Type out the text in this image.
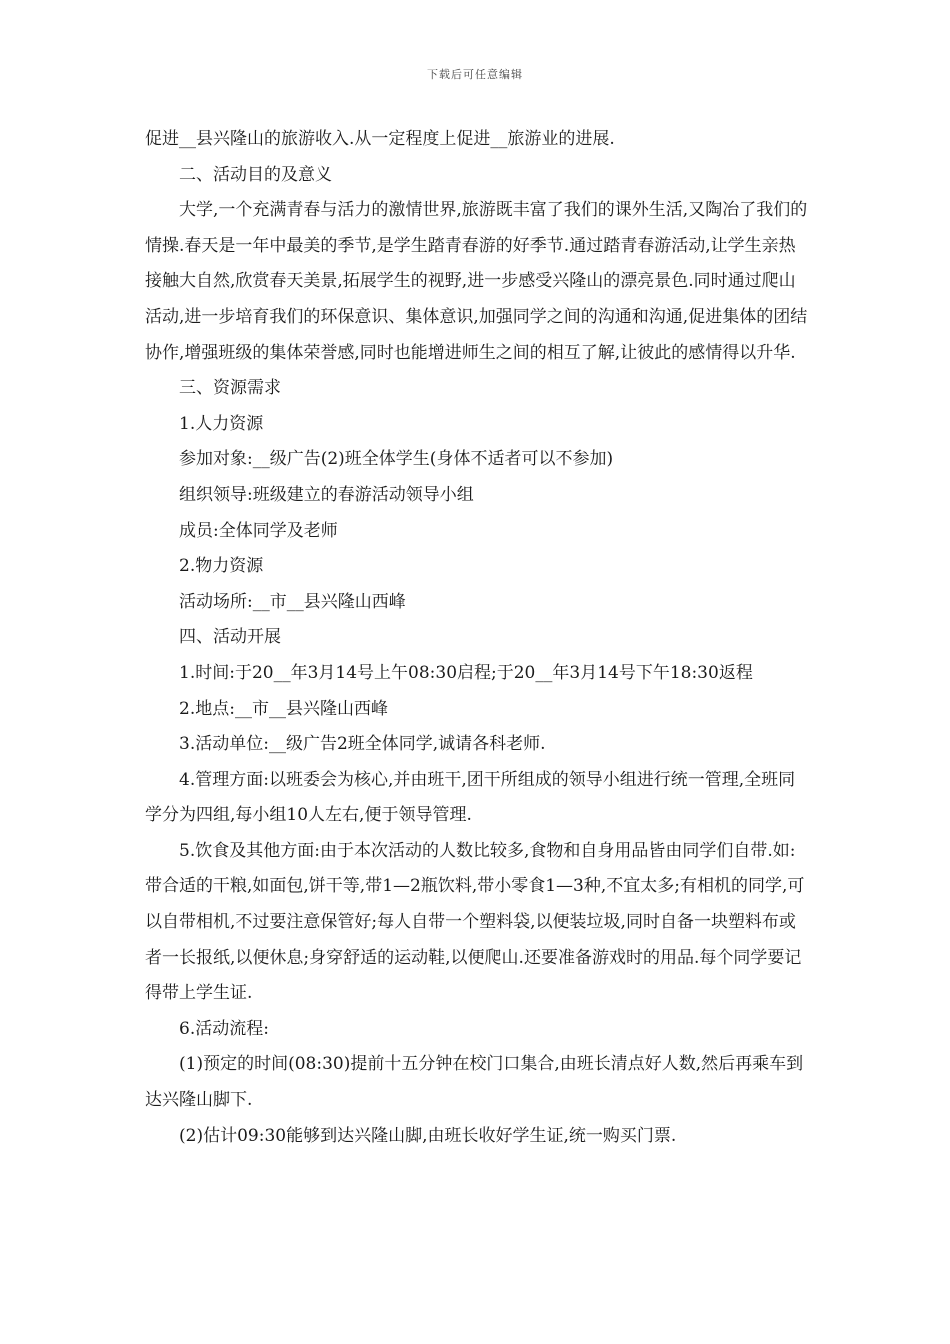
下载后可任意编辑

促进__县兴隆山的旅游收入.从一定程度上促进__旅游业的进展.

二、活动目的及意义

大学,一个充满青春与活力的激情世界,旅游既丰富了我们的课外生活,又陶冶了我们的情操.春天是一年中最美的季节,是学生踏青春游的好季节.通过踏青春游活动,让学生亲热接触大自然,欣赏春天美景,拓展学生的视野,进一步感受兴隆山的漂亮景色.同时通过爬山活动,进一步培育我们的环保意识、集体意识,加强同学之间的沟通和沟通,促进集体的团结协作,增强班级的集体荣誉感,同时也能增进师生之间的相互了解,让彼此的感情得以升华.

三、资源需求

1.人力资源

参加对象:__级广告(2)班全体学生(身体不适者可以不参加)

组织领导:班级建立的春游活动领导小组

成员:全体同学及老师

2.物力资源

活动场所:__市__县兴隆山西峰

四、活动开展

1.时间:于20__年3月14号上午08:30启程;于20__年3月14号下午18:30返程

2.地点:__市__县兴隆山西峰

3.活动单位:__级广告2班全体同学,诚请各科老师.

4.管理方面:以班委会为核心,并由班干,团干所组成的领导小组进行统一管理,全班同学分为四组,每小组10人左右,便于领导管理.

5.饮食及其他方面:由于本次活动的人数比较多,食物和自身用品皆由同学们自带.如:带合适的干粮,如面包,饼干等,带1—2瓶饮料,带小零食1—3种,不宜太多;有相机的同学,可以自带相机,不过要注意保管好;每人自带一个塑料袋,以便装垃圾,同时自备一块塑料布或者一长报纸,以便休息;身穿舒适的运动鞋,以便爬山.还要准备游戏时的用品.每个同学要记得带上学生证.

6.活动流程:

(1)预定的时间(08:30)提前十五分钟在校门口集合,由班长清点好人数,然后再乘车到达兴隆山脚下.

(2)估计09:30能够到达兴隆山脚,由班长收好学生证,统一购买门票.
